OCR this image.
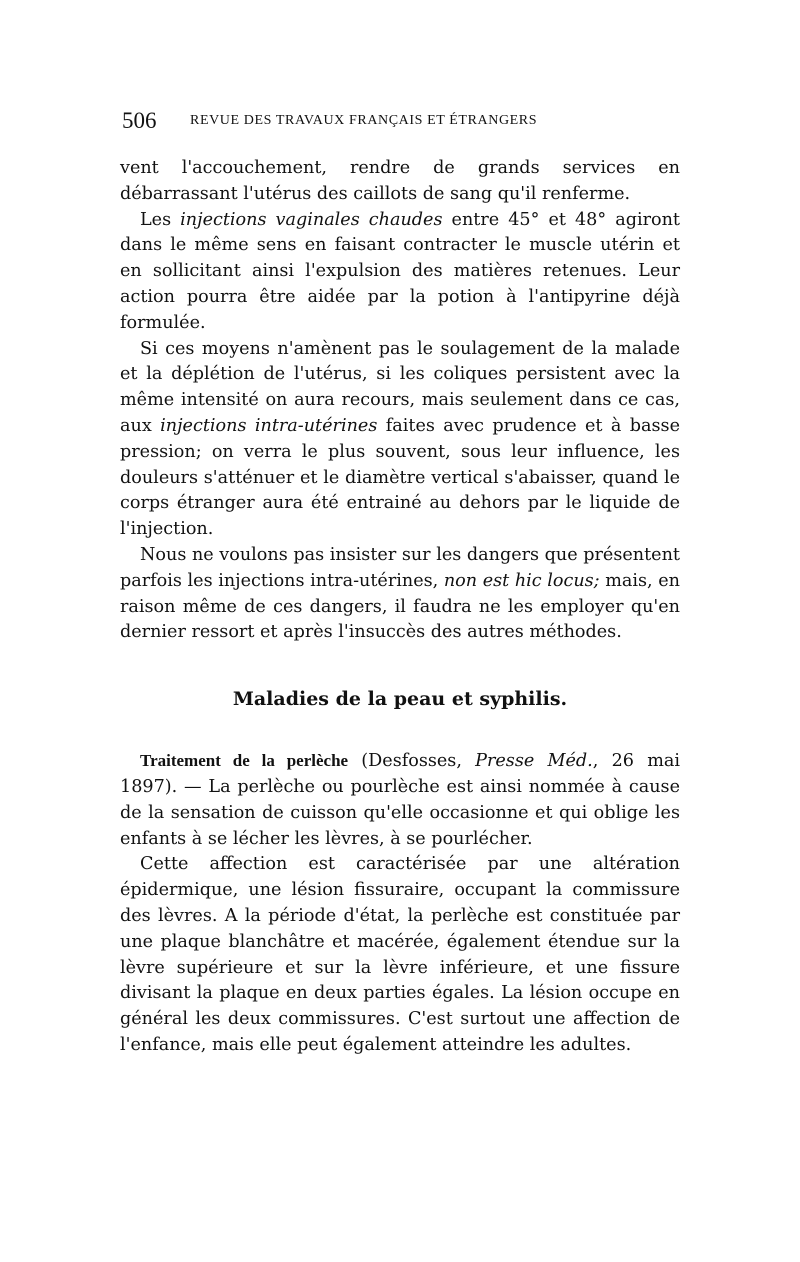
506 REVUE DES TRAVAUX FRANÇAIS ET ÉTRANGERS

vent l'accouchement, rendre de grands services en débarrassant l'utérus des caillots de sang qu'il renferme.

Les injections vaginales chaudes entre 45° et 48° agiront dans le même sens en faisant contracter le muscle utérin et en sollicitant ainsi l'expulsion des matières retenues. Leur action pourra être aidée par la potion à l'antipyrine déjà formulée.

Si ces moyens n'amènent pas le soulagement de la malade et la déplétion de l'utérus, si les coliques persistent avec la même intensité on aura recours, mais seulement dans ce cas, aux injections intra-utérines faites avec prudence et à basse pression; on verra le plus souvent, sous leur influence, les douleurs s'atténuer et le diamètre vertical s'abaisser, quand le corps étranger aura été entrainé au dehors par le liquide de l'injection.

Nous ne voulons pas insister sur les dangers que présentent parfois les injections intra-utérines, non est hic locus; mais, en raison même de ces dangers, il faudra ne les employer qu'en dernier ressort et après l'insuccès des autres méthodes.

Maladies de la peau et syphilis.

Traitement de la perlèche (Desfosses, Presse Méd., 26 mai 1897). — La perlèche ou pourlèche est ainsi nommée à cause de la sensation de cuisson qu'elle occasionne et qui oblige les enfants à se lécher les lèvres, à se pourlécher.

Cette affection est caractérisée par une altération épidermique, une lésion fissuraire, occupant la commissure des lèvres. A la période d'état, la perlèche est constituée par une plaque blanchâtre et macérée, également étendue sur la lèvre supérieure et sur la lèvre inférieure, et une fissure divisant la plaque en deux parties égales. La lésion occupe en général les deux commissures. C'est surtout une affection de l'enfance, mais elle peut également atteindre les adultes.
